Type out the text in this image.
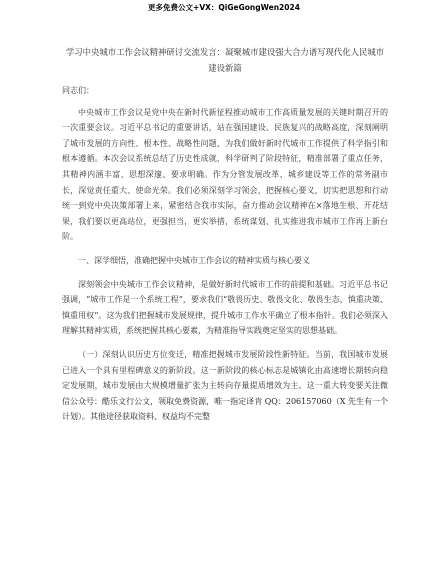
更多免费公文+VX：QiGeGongWen2024
学习中央城市工作会议精神研讨交流发言：凝聚城市建设强大合力谱写现代化人民城市建设新篇
同志们：
中央城市工作会议是党中央在新时代新征程推动城市工作高质量发展的关键时期召开的一次重要会议。习近平总书记的重要讲话，站在强国建设、民族复兴的战略高度，深刻阐明了城市发展的方向性、根本性、战略性问题，为我们做好新时代城市工作提供了科学指引和根本遵循。本次会议系统总结了历史性成就，科学研判了阶段特征，精准部署了重点任务，其精神内涵丰富、思想深邃、要求明确。作为分管发展改革、城乡建设等工作的常务副市长，深觉责任重大、使命光荣。我们必须深刻学习领会，把握核心要义，切实把思想和行动统一到党中央决策部署上来，紧密结合我市实际，奋力推动会议精神在×落地生根、开花结果，我们要以更高站位，更强担当，更实举措，系统谋划、扎实推进我市城市工作再上新台阶。
一、深学细悟，准确把握中央城市工作会议的精神实质与核心要义
深刻领会中央城市工作会议精神，是做好新时代城市工作的前提和基础。习近平总书记强调，“城市工作是一个系统工程”，要求我们“敬畏历史、敬畏文化、敬畏生态，慎重决策、慎重用权”。这为我们把握城市发展规律，提升城市工作水平确立了根本指针。我们必须深入理解其精神实质，系统把握其核心要素，为精准指导实践奠定坚实的思想基础。
（一）深刻认识历史方位变迁，精准把握城市发展阶段性新特征。当前，我国城市发展已进入一个具有里程碑意义的新阶段。这一新阶段的核心标志是城镇化由高速增长期转向稳定发展期，城市发展由大规模增量扩张为主转向存量提质增效为主。这一重大转变要关注微信公众号：酷乐文行公文，领取免费资源，唯一指定译肯 QQ：206157060（X 先生有一个计划）。其他途径获取资料、权益均不完整
